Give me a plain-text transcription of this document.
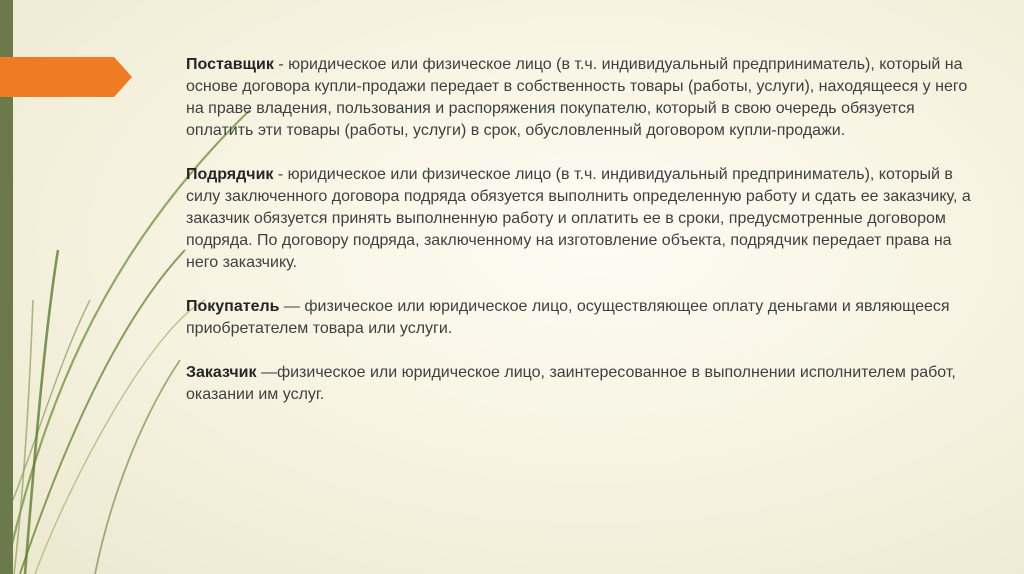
Поставщик - юридическое или физическое лицо (в т.ч. индивидуальный предприниматель), который на основе договора купли-продажи передает в собственность товары (работы, услуги), находящееся у него на праве владения, пользования и распоряжения покупателю, который в свою очередь обязуется оплатить эти товары (работы, услуги) в срок, обусловленный договором купли-продажи.

Подрядчик - юридическое или физическое лицо (в т.ч. индивидуальный предприниматель), который в силу заключенного договора подряда обязуется выполнить определенную работу и сдать ее заказчику, а заказчик обязуется принять выполненную работу и оплатить ее в сроки, предусмотренные договором подряда. По договору подряда, заключенному на изготовление объекта, подрядчик передает права на него заказчику.

Покупатель — физическое или юридическое лицо, осуществляющее оплату деньгами и являющееся приобретателем товара или услуги.

Заказчик —физическое или юридическое лицо, заинтересованное в выполнении исполнителем работ, оказании им услуг.
